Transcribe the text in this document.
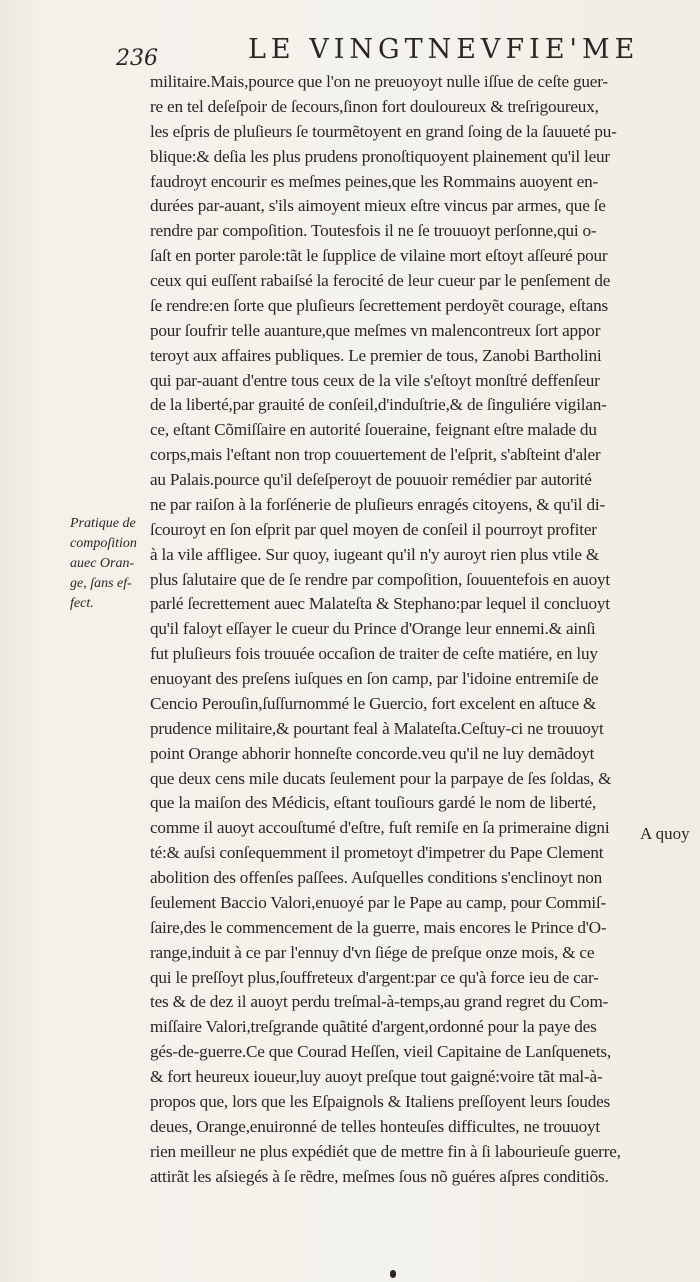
236	LE VINGTNEVFIE'ME
Pratique de
compoſition
auec Oran-
ge, ſans ef-
fect.
militaire.Mais,pource que l'on ne preuoyoyt nulle iſſue de ceſte guer-
re en tel deſeſpoir de ſecours,ſinon fort douloureux & treſrigoureux,
les eſpris de pluſieurs ſe tourmẽtoyent en grand ſoing de la ſauueté pu-
blique:& deſia les plus prudens pronoſtiquoyent plainement qu'il leur
faudroyt encourir es meſmes peines,que les Rommains auoyent en-
durées par-auant, s'ils aimoyent mieux eſtre vincus par armes, que ſe
rendre par compoſition. Toutesfois il ne ſe trouuoyt perſonne,qui o-
ſaſt en porter parole:tãt le ſupplice de vilaine mort eſtoyt aſſeuré pour
ceux qui euſſent rabaiſsé la ferocité de leur cueur par le penſement de
ſe rendre:en ſorte que pluſieurs ſecrettement perdoyẽt courage, eſtans
pour ſoufrir telle auanture,que meſmes vn malencontreux ſort appor
teroyt aux affaires publiques. Le premier de tous, Zanobi Bartholini
qui par-auant d'entre tous ceux de la vile s'eſtoyt monſtré deffenſeur
de la liberté,par grauité de conſeil,d'induſtrie,& de ſinguliére vigilan-
ce, eſtant Cõmiſſaire en autorité ſoueraine, feignant eſtre malade du
corps,mais l'eſtant non trop couuertement de l'eſprit, s'abſteint d'aler
au Palais.pource qu'il deſeſperoyt de pouuoir remédier par autorité
ne par raiſon à la forſénerie de pluſieurs enragés citoyens, & qu'il di-
ſcouroyt en ſon eſprit par quel moyen de conſeil il pourroyt profiter
à la vile affligee. Sur quoy, iugeant qu'il n'y auroyt rien plus vtile &
plus ſalutaire que de ſe rendre par compoſition, ſouuentefois en auoyt
parlé ſecrettement auec Malateſta & Stephano:par lequel il concluoyt
qu'il faloyt eſſayer le cueur du Prince d'Orange leur ennemi.& ainſi
fut pluſieurs fois trouuée occaſion de traiter de ceſte matiére, en luy
enuoyant des preſens iuſques en ſon camp, par l'idoine entremiſe de
Cencio Perouſin,ſuſſurnommé le Guercio, fort excelent en aſtuce &
prudence militaire,& pourtant feal à Malateſta.Ceſtuy-ci ne trouuoyt
point Orange abhorir honneſte concorde.veu qu'il ne luy demãdoyt
que deux cens mile ducats ſeulement pour la parpaye de ſes ſoldas, &
que la maiſon des Médicis, eſtant touſiours gardé le nom de liberté,
comme il auoyt accouſtumé d'eſtre, fuſt remiſe en ſa primeraine digni
té:& auſsi conſequemment il prometoyt d'impetrer du Pape Clement
abolition des offenſes paſſees. Auſquelles conditions s'enclinoyt non
ſeulement Baccio Valori,enuoyé par le Pape au camp, pour Commiſ-
ſaire,des le commencement de la guerre, mais encores le Prince d'O-
range,induit à ce par l'ennuy d'vn ſiége de preſque onze mois, & ce
qui le preſſoyt plus,ſouffreteux d'argent:par ce qu'à force ieu de car-
tes & de dez il auoyt perdu treſmal-à-temps,au grand regret du Com-
miſſaire Valori,treſgrande quãtité d'argent,ordonné pour la paye des
gés-de-guerre.Ce que Courad Heſſen, vieil Capitaine de Lanſquenets,
& fort heureux ioueur,luy auoyt preſque tout gaigné:voire tãt mal-à-
propos que, lors que les Eſpaignols & Italiens preſſoyent leurs ſoudes
deues, Orange,enuironné de telles honteuſes difficultes, ne trouuoyt
rien meilleur ne plus expédiét que de mettre fin à ſi labourieuſe guerre,
attirãt les aſsiegés à ſe rẽdre, meſmes ſous nõ guéres aſpres conditiõs.
A quoy
